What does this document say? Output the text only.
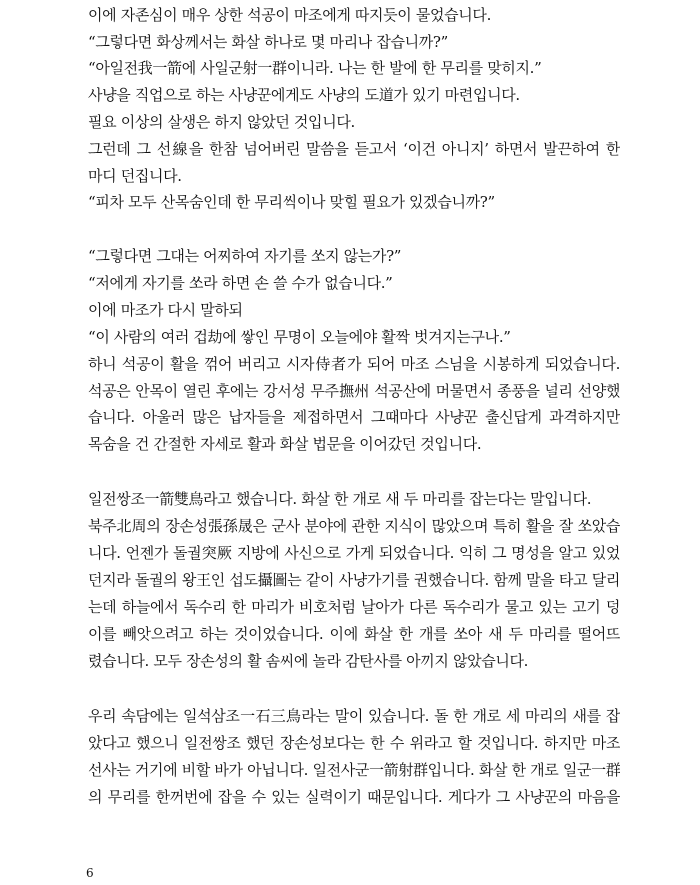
이에 자존심이 매우 상한 석공이 마조에게 따지듯이 물었습니다.
“그렇다면 화상께서는 화살 하나로 몇 마리나 잡습니까?”
“아일전我一箭에 사일군射一群이니라. 나는 한 발에 한 무리를 맞히지.”
사냥을 직업으로 하는 사냥꾼에게도 사냥의 도道가 있기 마련입니다.
필요 이상의 살생은 하지 않았던 것입니다.
그런데 그 선線을 한참 넘어버린 말씀을 듣고서 ‘이건 아니지’ 하면서 발끈하여 한
마디 던집니다.
“피차 모두 산목숨인데 한 무리씩이나 맞힐 필요가 있겠습니까?”
“그렇다면 그대는 어찌하여 자기를 쏘지 않는가?”
“저에게 자기를 쏘라 하면 손 쓸 수가 없습니다.”
이에 마조가 다시 말하되
“이 사람의 여러 겁劫에 쌓인 무명이 오늘에야 활짝 벗겨지는구나.”
하니 석공이 활을 꺾어 버리고 시자侍者가 되어 마조 스님을 시봉하게 되었습니다.
석공은 안목이 열린 후에는 강서성 무주撫州 석공산에 머물면서 종풍을 널리 선양했
습니다. 아울러 많은 납자들을 제접하면서 그때마다 사냥꾼 출신답게 과격하지만
목숨을 건 간절한 자세로 활과 화살 법문을 이어갔던 것입니다.
일전쌍조一箭雙鳥라고 했습니다. 화살 한 개로 새 두 마리를 잡는다는 말입니다.
북주北周의 장손성張孫晟은 군사 분야에 관한 지식이 많았으며 특히 활을 잘 쏘았습
니다. 언젠가 돌궐突厥 지방에 사신으로 가게 되었습니다. 익히 그 명성을 알고 있었
던지라 돌궐의 왕王인 섭도攝圖는 같이 사냥가기를 권했습니다. 함께 말을 타고 달리
는데 하늘에서 독수리 한 마리가 비호처럼 날아가 다른 독수리가 물고 있는 고기 덩
이를 빼앗으려고 하는 것이었습니다. 이에 화살 한 개를 쏘아 새 두 마리를 떨어뜨
렸습니다. 모두 장손성의 활 솜씨에 놀라 감탄사를 아끼지 않았습니다.
우리 속담에는 일석삼조一石三鳥라는 말이 있습니다. 돌 한 개로 세 마리의 새를 잡
았다고 했으니 일전쌍조 했던 장손성보다는 한 수 위라고 할 것입니다. 하지만 마조
선사는 거기에 비할 바가 아닙니다. 일전사군一箭射群입니다. 화살 한 개로 일군一群
의 무리를 한꺼번에 잡을 수 있는 실력이기 때문입니다. 게다가 그 사냥꾼의 마음을
6
